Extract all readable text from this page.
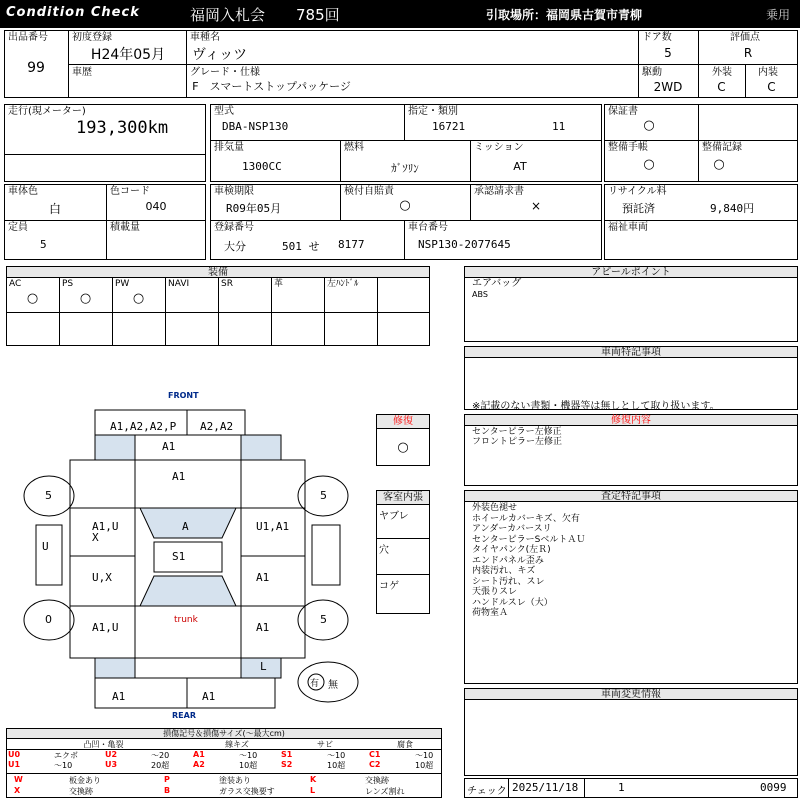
Condition Check	福岡入札会 785回	引取場所：福岡県古賀市青柳	乗用
出品番号
99
初度登録
H24年05月
車種名
ヴィッツ
ドア数
5
評価点
R
車歴	グレード・仕様
F　スマートストップパッケージ
駆動
2WD
外装
C
内装
C
走行(現メーター)
193,300km
型式
DBA-NSP130
指定・類別
16721	11
排気量
1300CC
燃料
ｶﾞｿﾘﾝ
ミッション
AT
保証書
○
整備手帳
○
整備記録
○
車体色
白
色コード
040
定員
5
積載量
車検期限
R09年05月
検付自賠責
○
承認請求書
×
登録番号
大分	501 せ 8177
車台番号
NSP130-2077645
リサイクル料
預託済	9,840円
福祉車両
装備
AC
○
PS
○
PW
○
NAVI	SR	革	左ﾊﾝﾄﾞﾙ
アピールポイント
エアバッグ
ABS
車両特記事項
※記載のない書類・機器等は無しとして取り扱います。
修復内容
センターピラー左修正
フロントピラー左修正
査定特記事項
外装色褪せ
ホイールカバーキズ、欠有
アンダーカバースリ
センターピラーSベルトＡＵ
タイヤパンク(左Ｒ)
エンドパネル歪み
内装汚れ、キズ
シート汚れ、スレ
天張りスレ
ハンドルスレ（大）
荷物室Ａ
車両変更情報
チェック 2025/11/18	1	0099
修復
○
客室内張
ヤブレ
穴
コゲ
FRONT
REAR
trunk
A1,A2,A2,P A2,A2
A1
A1
A
S1
A1,U
X
U,X
A1,U
U1,A1
A1
A1
L
A1	A1
U
5	5
0	5
有 無
損傷記号＆損傷サイズ(〜最大cm)
凸凹・亀裂	線キズ	サビ	腐食
U0	エクボ	U2	〜20	A1	〜10	S1	〜10	C1	〜10
U1	〜10	U3	20超	A2	10超	S2	10超	C2	10超
W	板金あり	P	塗装あり	K	交換跡
X	交換跡	B	ガラス交換要す	L	レンズ割れ
